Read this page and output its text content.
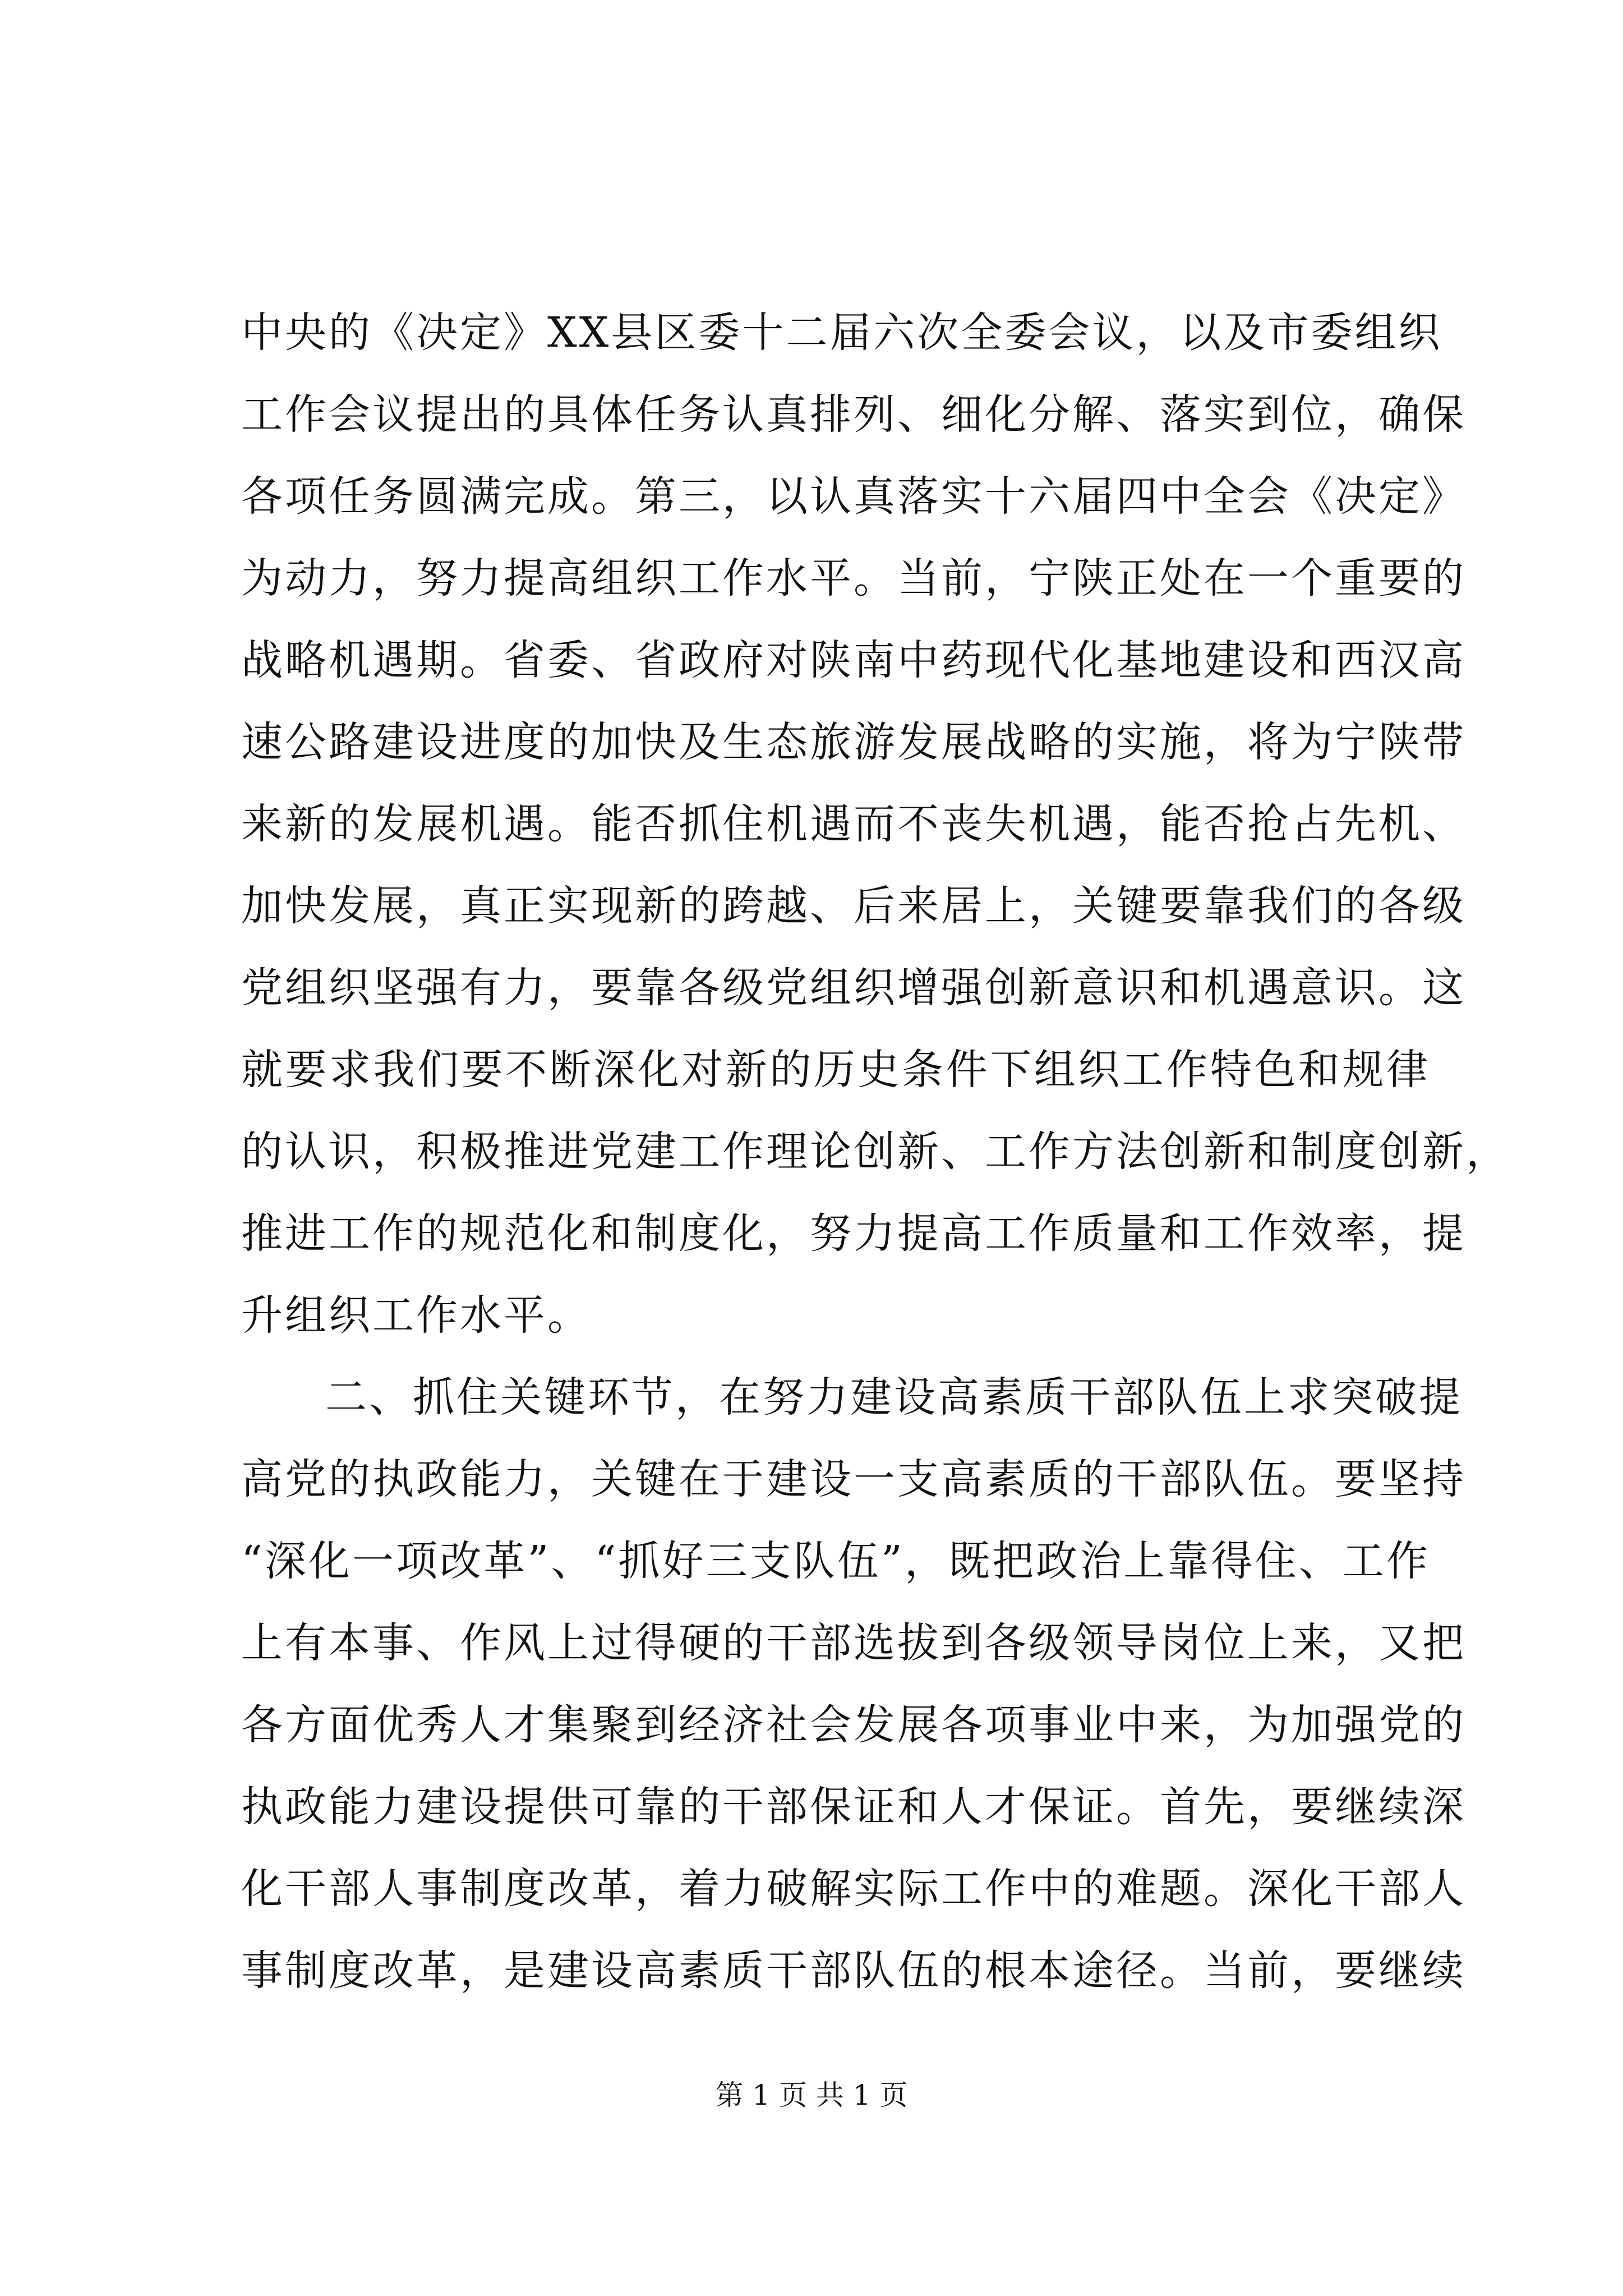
中央的《决定》XX县区委十二届六次全委会议，以及市委组织
工作会议提出的具体任务认真排列、细化分解、落实到位，确保
各项任务圆满完成。第三，以认真落实十六届四中全会《决定》
为动力，努力提高组织工作水平。当前，宁陕正处在一个重要的
战略机遇期。省委、省政府对陕南中药现代化基地建设和西汉高
速公路建设进度的加快及生态旅游发展战略的实施，将为宁陕带
来新的发展机遇。能否抓住机遇而不丧失机遇，能否抢占先机、
加快发展，真正实现新的跨越、后来居上，关键要靠我们的各级
党组织坚强有力，要靠各级党组织增强创新意识和机遇意识。这
就要求我们要不断深化对新的历史条件下组织工作特色和规律
的认识，积极推进党建工作理论创新、工作方法创新和制度创新，
推进工作的规范化和制度化，努力提高工作质量和工作效率，提
升组织工作水平。
二、抓住关键环节，在努力建设高素质干部队伍上求突破提
高党的执政能力，关键在于建设一支高素质的干部队伍。要坚持
“深化一项改革”、“抓好三支队伍”，既把政治上靠得住、工作
上有本事、作风上过得硬的干部选拔到各级领导岗位上来，又把
各方面优秀人才集聚到经济社会发展各项事业中来，为加强党的
执政能力建设提供可靠的干部保证和人才保证。首先，要继续深
化干部人事制度改革，着力破解实际工作中的难题。深化干部人
事制度改革，是建设高素质干部队伍的根本途径。当前，要继续
第 1 页 共 1 页
